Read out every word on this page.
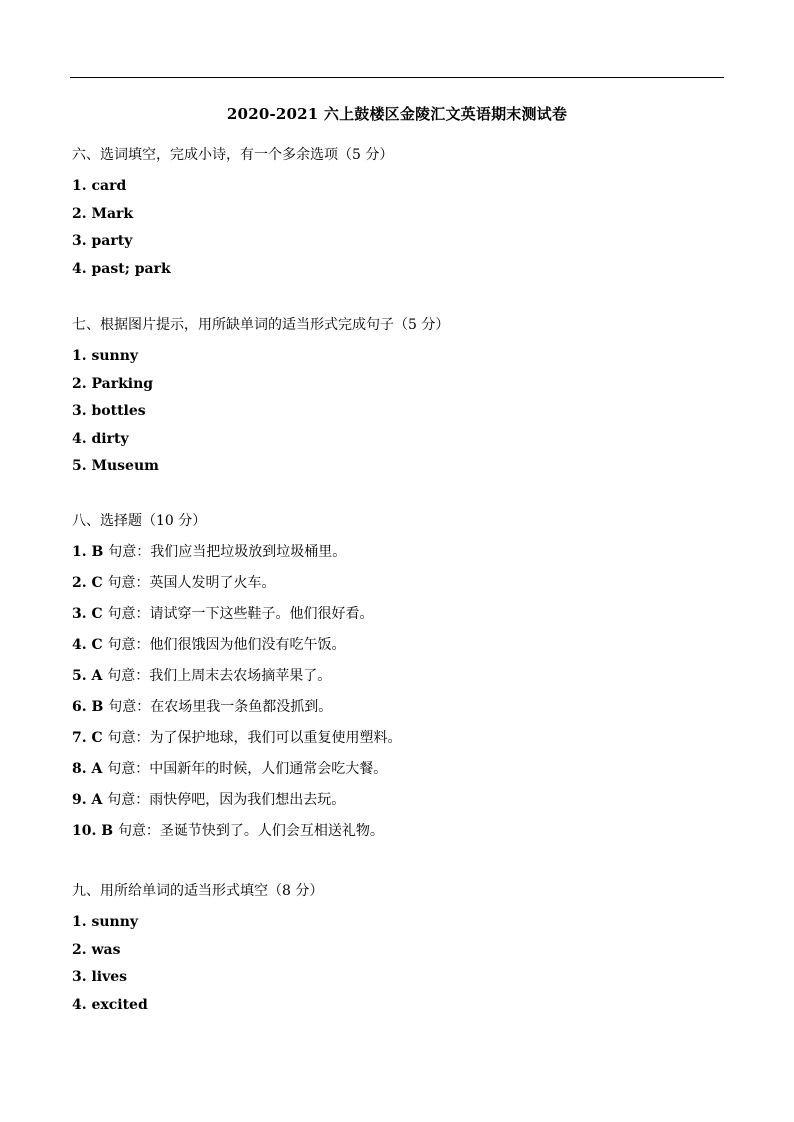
2020-2021 六上鼓楼区金陵汇文英语期末测试卷
六、选词填空，完成小诗，有一个多余选项（5 分）
1. card
2. Mark
3. party
4. past; park
七、根据图片提示，用所缺单词的适当形式完成句子（5 分）
1. sunny
2. Parking
3. bottles
4. dirty
5. Museum
八、选择题（10 分）
1. B 句意：我们应当把垃圾放到垃圾桶里。
2. C 句意：英国人发明了火车。
3. C 句意：请试穿一下这些鞋子。他们很好看。
4. C 句意：他们很饿因为他们没有吃午饭。
5. A 句意：我们上周末去农场摘苹果了。
6. B 句意：在农场里我一条鱼都没抓到。
7. C 句意：为了保护地球，我们可以重复使用塑料。
8. A 句意：中国新年的时候，人们通常会吃大餐。
9. A 句意：雨快停吧，因为我们想出去玩。
10. B 句意：圣诞节快到了。人们会互相送礼物。
九、用所给单词的适当形式填空（8 分）
1. sunny
2. was
3. lives
4. excited
